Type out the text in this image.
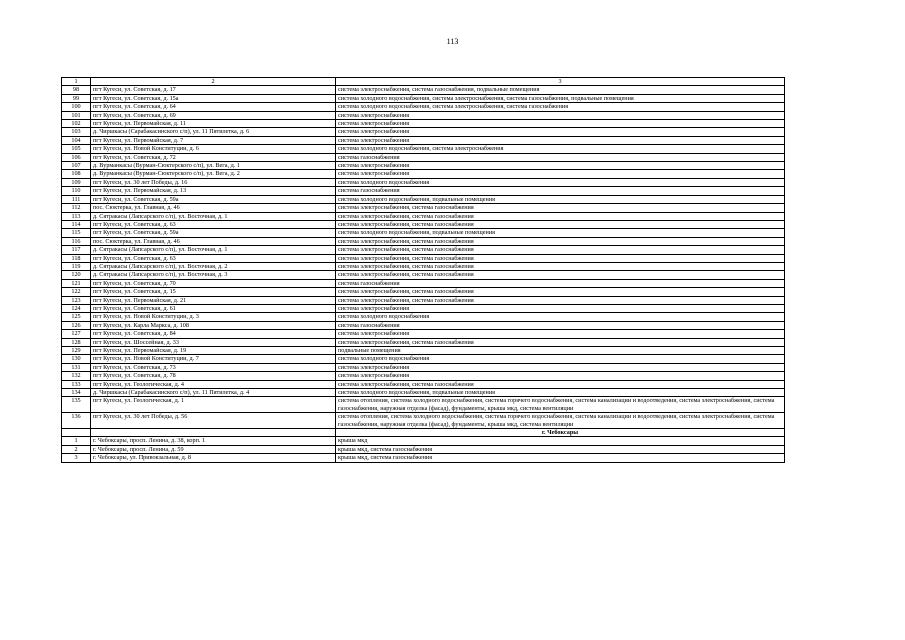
113
1	2	3
98	пгт Кугеси, ул. Советская, д. 17	система электроснабжения, система газоснабжения, подвальные помещения
99	пгт Кугеси, ул. Советская, д. 15а	система холодного водоснабжения, система электроснабжения, система газоснабжения, подвальные помещения
100	пгт Кугеси, ул. Советская, д. 64	система холодного водоснабжения, система электроснабжения, система газоснабжения
101	пгт Кугеси, ул. Советская, д. 69	система электроснабжения
102	пгт Кугеси, ул. Первомайская, д. 11	система электроснабжения
103	д. Чиршкасы (Сарабакасинского с/п), ул. 11 Пятилетка, д. 6	система электроснабжения
104	пгт Кугеси, ул. Первомайская, д. 7	система электроснабжения
105	пгт Кугеси, ул. Новой Конституции, д. 6	система холодного водоснабжения, система электроснабжения
106	пгт Кугеси, ул. Советская, д. 72	система газоснабжения
107	д. Вурманкасы (Вурман-Сюктерского с/п), ул. Вега, д. 1	система электроснабжения
108	д. Вурманкасы (Вурман-Сюктерского с/п), ул. Вега, д. 2	система электроснабжения
109	пгт Кугеси, ул. 30 лет Победы, д. 16	система холодного водоснабжения
110	пгт Кугеси, ул. Первомайская, д. 13	система газоснабжения
111	пгт Кугеси, ул. Советская, д. 59а	система холодного водоснабжения, подвальные помещения
112	пос. Сюктерка, ул. Главная, д. 46	система электроснабжения, система газоснабжения
113	д. Сятракасы (Лапсарского с/п), ул. Восточная, д. 1	система электроснабжения, система газоснабжения
114	пгт Кугеси, ул. Советская, д. 63	система электроснабжения, система газоснабжения
115	пгт Кугеси, ул. Советская, д. 59а	система холодного водоснабжения, подвальные помещения
116	пос. Сюктерка, ул. Главная, д. 46	система электроснабжения, система газоснабжения
117	д. Сятракасы (Лапсарского с/п), ул. Восточная, д. 1	система электроснабжения, система газоснабжения
118	пгт Кугеси, ул. Советская, д. 63	система электроснабжения, система газоснабжения
119	д. Сятракасы (Лапсарского с/п), ул. Восточная, д. 2	система электроснабжения, система газоснабжения
120	д. Сятракасы (Лапсарского с/п), ул. Восточная, д. 3	система электроснабжения, система газоснабжения
121	пгт Кугеси, ул. Советская, д. 70	система газоснабжения
122	пгт Кугеси, ул. Советская, д. 15	система электроснабжения, система газоснабжения
123	пгт Кугеси, ул. Первомайская, д. 21	система электроснабжения, система газоснабжения
124	пгт Кугеси, ул. Советская, д. 61	система электроснабжения
125	пгт Кугеси, ул. Новой Конституции, д. 3	система холодного водоснабжения
126	пгт Кугеси, ул. Карла Маркса, д. 108	система газоснабжения
127	пгт Кугеси, ул. Советская, д. 84	система электроснабжения
128	пгт Кугеси, ул. Шоссейная, д. 33	система электроснабжения, система газоснабжения
129	пгт Кугеси, ул. Первомайская, д. 19	подвальные помещения
130	пгт Кугеси, ул. Новой Конституции, д. 7	система холодного водоснабжения
131	пгт Кугеси, ул. Советская, д. 73	система электроснабжения
132	пгт Кугеси, ул. Советская, д. 78	система электроснабжения
133	пгт Кугеси, ул. Геологическая, д. 4	система электроснабжения, система газоснабжения
134	д. Чиршкасы (Сарабакасинского с/п), ул. 11 Пятилетка, д. 4	система холодного водоснабжения, подвальные помещения
135	пгт Кугеси, ул. Геологическая, д. 1	система отопления, система холодного водоснабжения, система горячего водоснабжения, система канализации и водоотведения, система электроснабжения, система газоснабжения, наружная отделка (фасад), фундаменты, крыша мкд, система вентиляции
136	пгт Кугеси, ул. 30 лет Победы, д. 56	система отопления, система холодного водоснабжения, система горячего водоснабжения, система канализации и водоотведения, система электроснабжения, система газоснабжения, наружная отделка (фасад), фундаменты, крыша мкд, система вентиляции
		г. Чебоксары
1	г. Чебоксары, просп. Ленина, д. 38, корп. 1	крыша мкд
2	г. Чебоксары, просп. Ленина, д. 59	крыша мкд, система газоснабжения
3	г. Чебоксары, ул. Привокзальная, д. 8	крыша мкд, система газоснабжения
